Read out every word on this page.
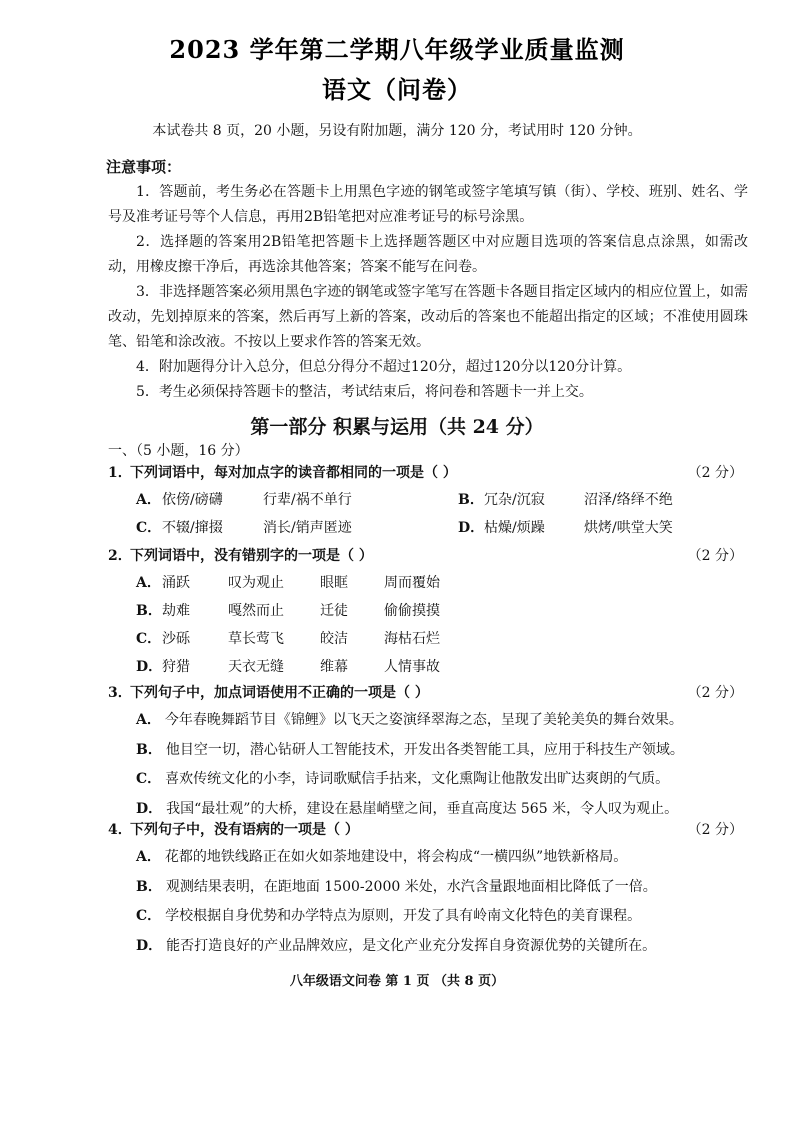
2023 学年第二学期八年级学业质量监测
语文（问卷）
本试卷共 8 页，20 小题，另设有附加题，满分 120 分，考试用时 120 分钟。
注意事项：

1．答题前，考生务必在答题卡上用黑色字迹的钢笔或签字笔填写镇（街）、学校、班别、姓名、学号及准考证号等个人信息，再用2B铅笔把对应准考证号的标号涂黑。

2．选择题的答案用2B铅笔把答题卡上选择题答题区中对应题目选项的答案信息点涂黑，如需改动，用橡皮擦干净后，再选涂其他答案；答案不能写在问卷。

3．非选择题答案必须用黑色字迹的钢笔或签字笔写在答题卡各题目指定区域内的相应位置上，如需改动，先划掉原来的答案，然后再写上新的答案，改动后的答案也不能超出指定的区域；不准使用圆珠笔、铅笔和涂改液。不按以上要求作答的答案无效。

4．附加题得分计入总分，但总分得分不超过120分，超过120分以120分计算。

5．考生必须保持答题卡的整洁，考试结束后，将问卷和答题卡一并上交。

第一部分 积累与运用（共 24 分）
一、（5 小题，16 分）
1．下列词语中，每对加点字的读音都相同的一项是（ ）	（2 分）
A． 依傍/磅礴	行辈/祸不单行	B． 冗杂/沉寂	沼泽/络绎不绝
C． 不辍/撺掇	消长/销声匿迹	D． 枯燥/烦躁	烘烤/哄堂大笑
2．下列词语中，没有错别字的一项是（ ）	（2 分）
A． 涌跃	叹为观止	眼眶	周而覆始
B． 劫难	嘎然而止	迁徒	偷偷摸摸
C． 沙砾	草长莺飞	皎洁	海枯石烂
D． 狩猎	天衣无缝	维幕	人情事故
3．下列句子中，加点词语使用不正确的一项是（ ）	（2 分）
A． 今年春晚舞蹈节目《锦鲤》以飞天之姿演绎翠海之态，呈现了美轮美奂的舞台效果。
B． 他目空一切，潜心钻研人工智能技术，开发出各类智能工具，应用于科技生产领域。
C． 喜欢传统文化的小李，诗词歌赋信手拈来，文化熏陶让他散发出旷达爽朗的气质。
D． 我国“最壮观”的大桥，建设在悬崖峭壁之间，垂直高度达 565 米，令人叹为观止。
4．下列句子中，没有语病的一项是（ ）	（2 分）
A． 花都的地铁线路正在如火如荼地建设中，将会构成“一横四纵”地铁新格局。
B． 观测结果表明，在距地面 1500-2000 米处，水汽含量跟地面相比降低了一倍。
C． 学校根据自身优势和办学特点为原则，开发了具有岭南文化特色的美育课程。
D． 能否打造良好的产业品牌效应，是文化产业充分发挥自身资源优势的关键所在。
八年级语文问卷 第 1 页 （共 8 页）
